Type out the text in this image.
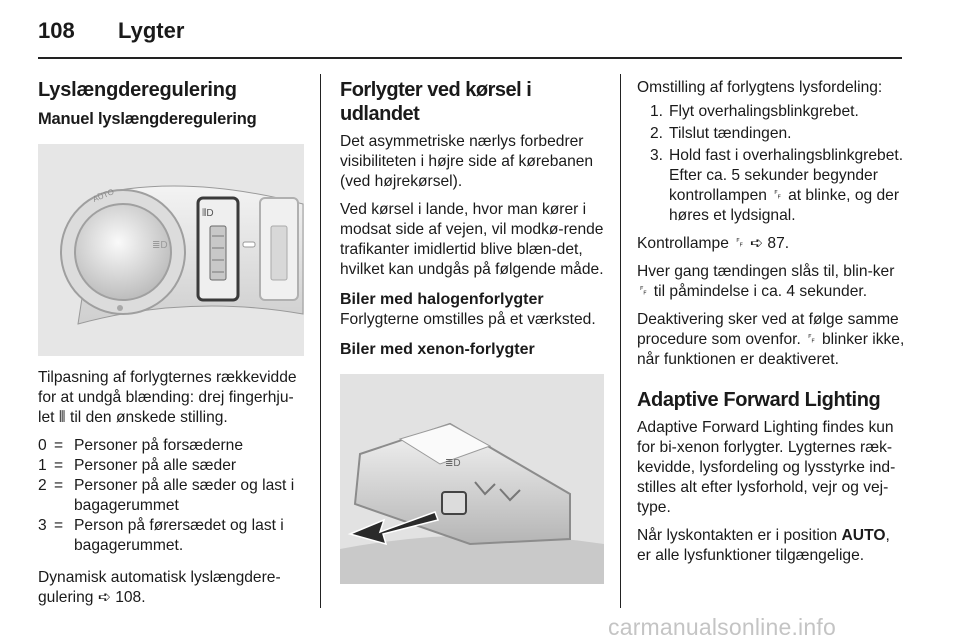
108 Lygter
Lyslængderegulering
Manuel lyslængderegulering
AUTO
≣D
⦀D

Tilpasning af forlygternes rækkevidde for at undgå blænding: drej fingerhju-let ⦀ til den ønskede stilling.

0 = Personer på forsæderne
1 = Personer på alle sæder
2 = Personer på alle sæder og last i bagagerummet
3 = Person på førersædet og last i bagagerummet.

Dynamisk automatisk lyslængdere-gulering ➪ 108.

Forlygter ved kørsel i udlandet

Det asymmetriske nærlys forbedrer visibiliteten i højre side af kørebanen (ved højrekørsel).

Ved kørsel i lande, hvor man kører i modsat side af vejen, vil modkø-rende trafikanter imidlertid blive blæn-det, hvilket kan undgås på følgende måde.

Biler med halogenforlygter

Forlygterne omstilles på et værksted.

Biler med xenon-forlygter
≣D

Omstilling af forlygtens lysfordeling:

1. Flyt overhalingsblinkgrebet.
2. Tilslut tændingen.
3. Hold fast i overhalingsblinkgrebet. Efter ca. 5 sekunder begynder kontrollampen ␌ at blinke, og der høres et lydsignal.

Kontrollampe ␌ ➪ 87.

Hver gang tændingen slås til, blin-ker ␌ til påmindelse i ca. 4 sekunder.

Deaktivering sker ved at følge samme procedure som ovenfor. ␌ blinker ikke, når funktionen er deaktiveret.

Adaptive Forward Lighting

Adaptive Forward Lighting findes kun for bi-xenon forlygter. Lygternes ræk-kevidde, lysfordeling og lysstyrke ind-stilles alt efter lysforhold, vejr og vej-type.

Når lyskontakten er i position AUTO, er alle lysfunktioner tilgængelige.

carmanualsonline.info
